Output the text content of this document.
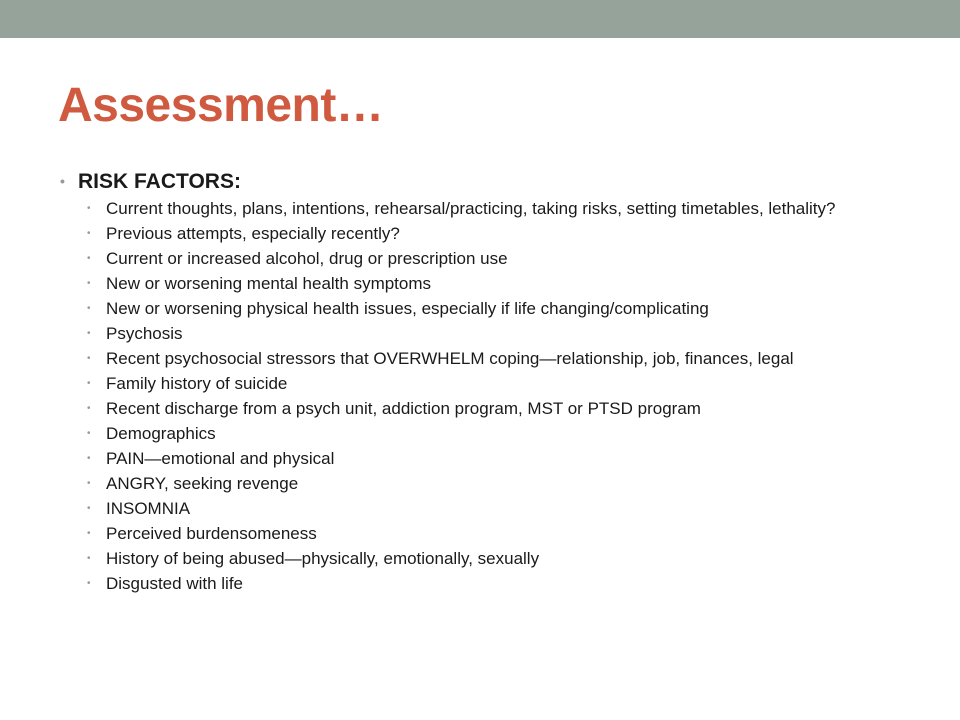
Assessment…
• RISK FACTORS:
• Current thoughts, plans, intentions, rehearsal/practicing, taking risks, setting timetables, lethality?
• Previous attempts, especially recently?
• Current or increased alcohol, drug or prescription use
• New or worsening mental health symptoms
• New or worsening physical health issues, especially if life changing/complicating
• Psychosis
• Recent psychosocial stressors that OVERWHELM coping—relationship, job, finances, legal
• Family history of suicide
• Recent discharge from a psych unit, addiction program, MST or PTSD program
• Demographics
• PAIN—emotional and physical
• ANGRY, seeking revenge
• INSOMNIA
• Perceived burdensomeness
• History of being abused—physically, emotionally, sexually
• Disgusted with life
